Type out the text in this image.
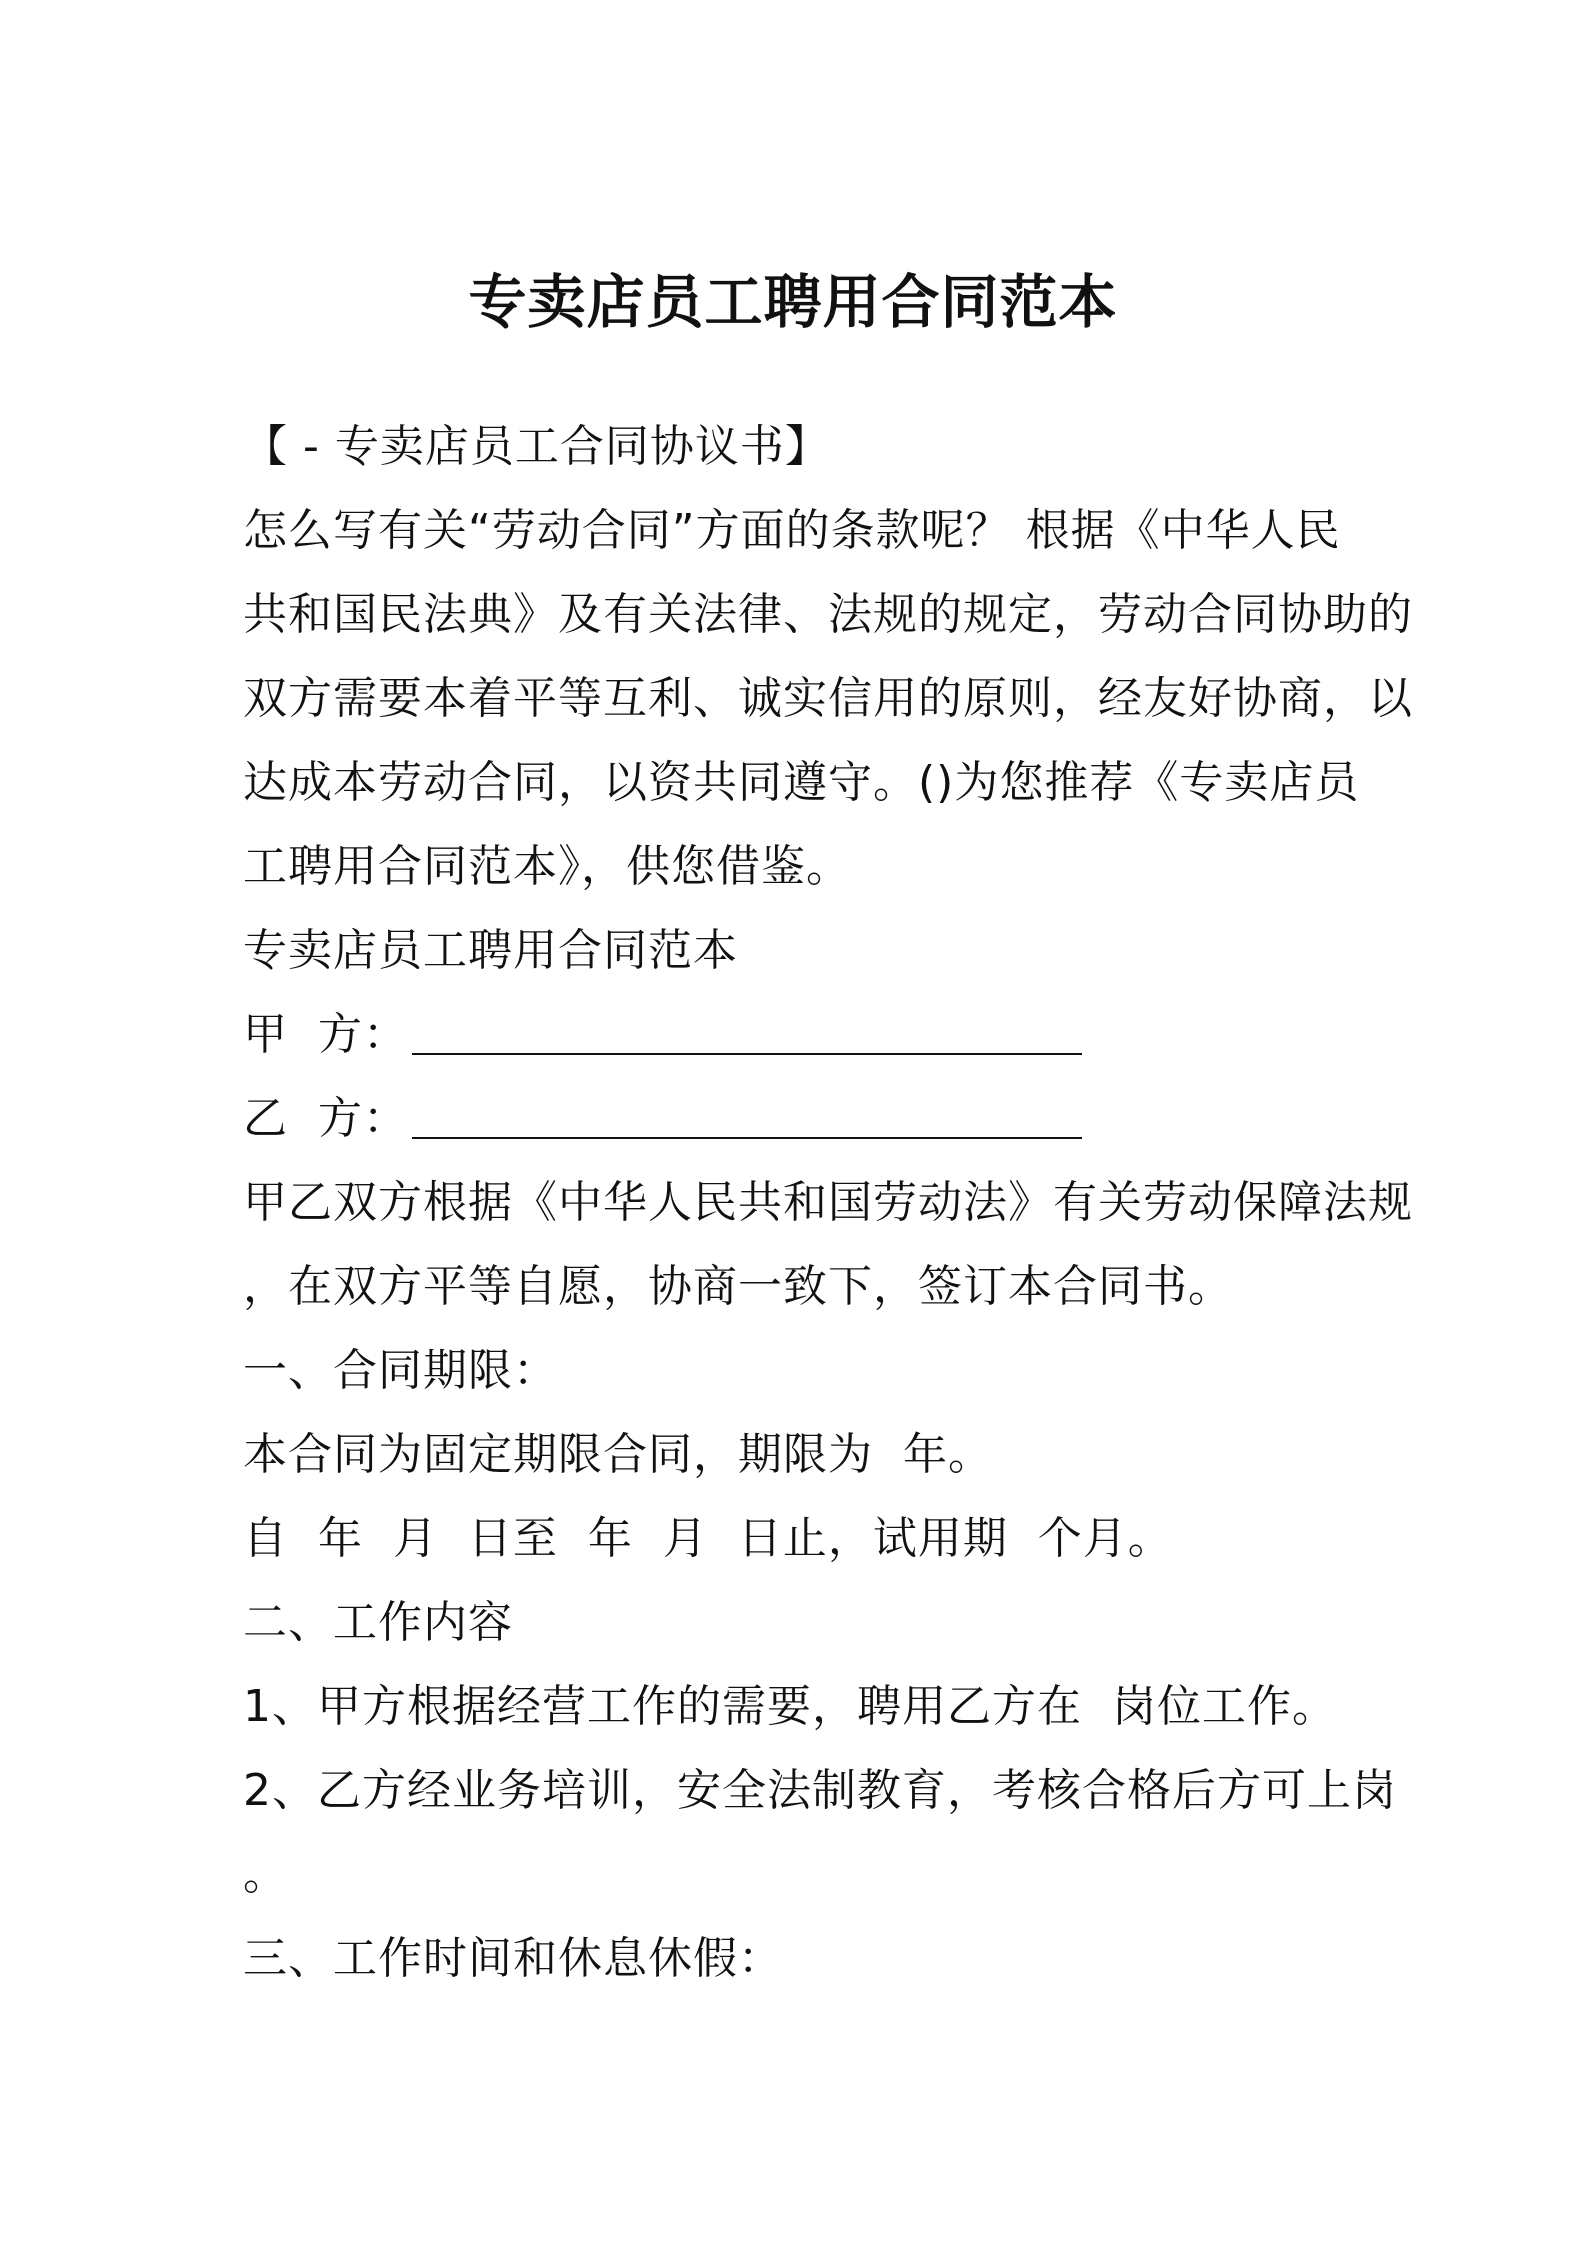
专卖店员工聘用合同范本
【 - 专卖店员工合同协议书】
怎么写有关“劳动合同”方面的条款呢？ 根据《中华人民
共和国民法典》及有关法律、法规的规定，劳动合同协助的
双方需要本着平等互利、诚实信用的原则，经友好协商，以
达成本劳动合同，以资共同遵守。()为您推荐《专卖店员
工聘用合同范本》，供您借鉴。
专卖店员工聘用合同范本
甲  方：
乙  方：
甲乙双方根据《中华人民共和国劳动法》有关劳动保障法规
，在双方平等自愿，协商一致下，签订本合同书。
一、合同期限：
本合同为固定期限合同，期限为  年。
自  年  月  日至  年  月  日止，试用期  个月。
二、工作内容
1、甲方根据经营工作的需要，聘用乙方在  岗位工作。
2、乙方经业务培训，安全法制教育，考核合格后方可上岗
。
三、工作时间和休息休假：
